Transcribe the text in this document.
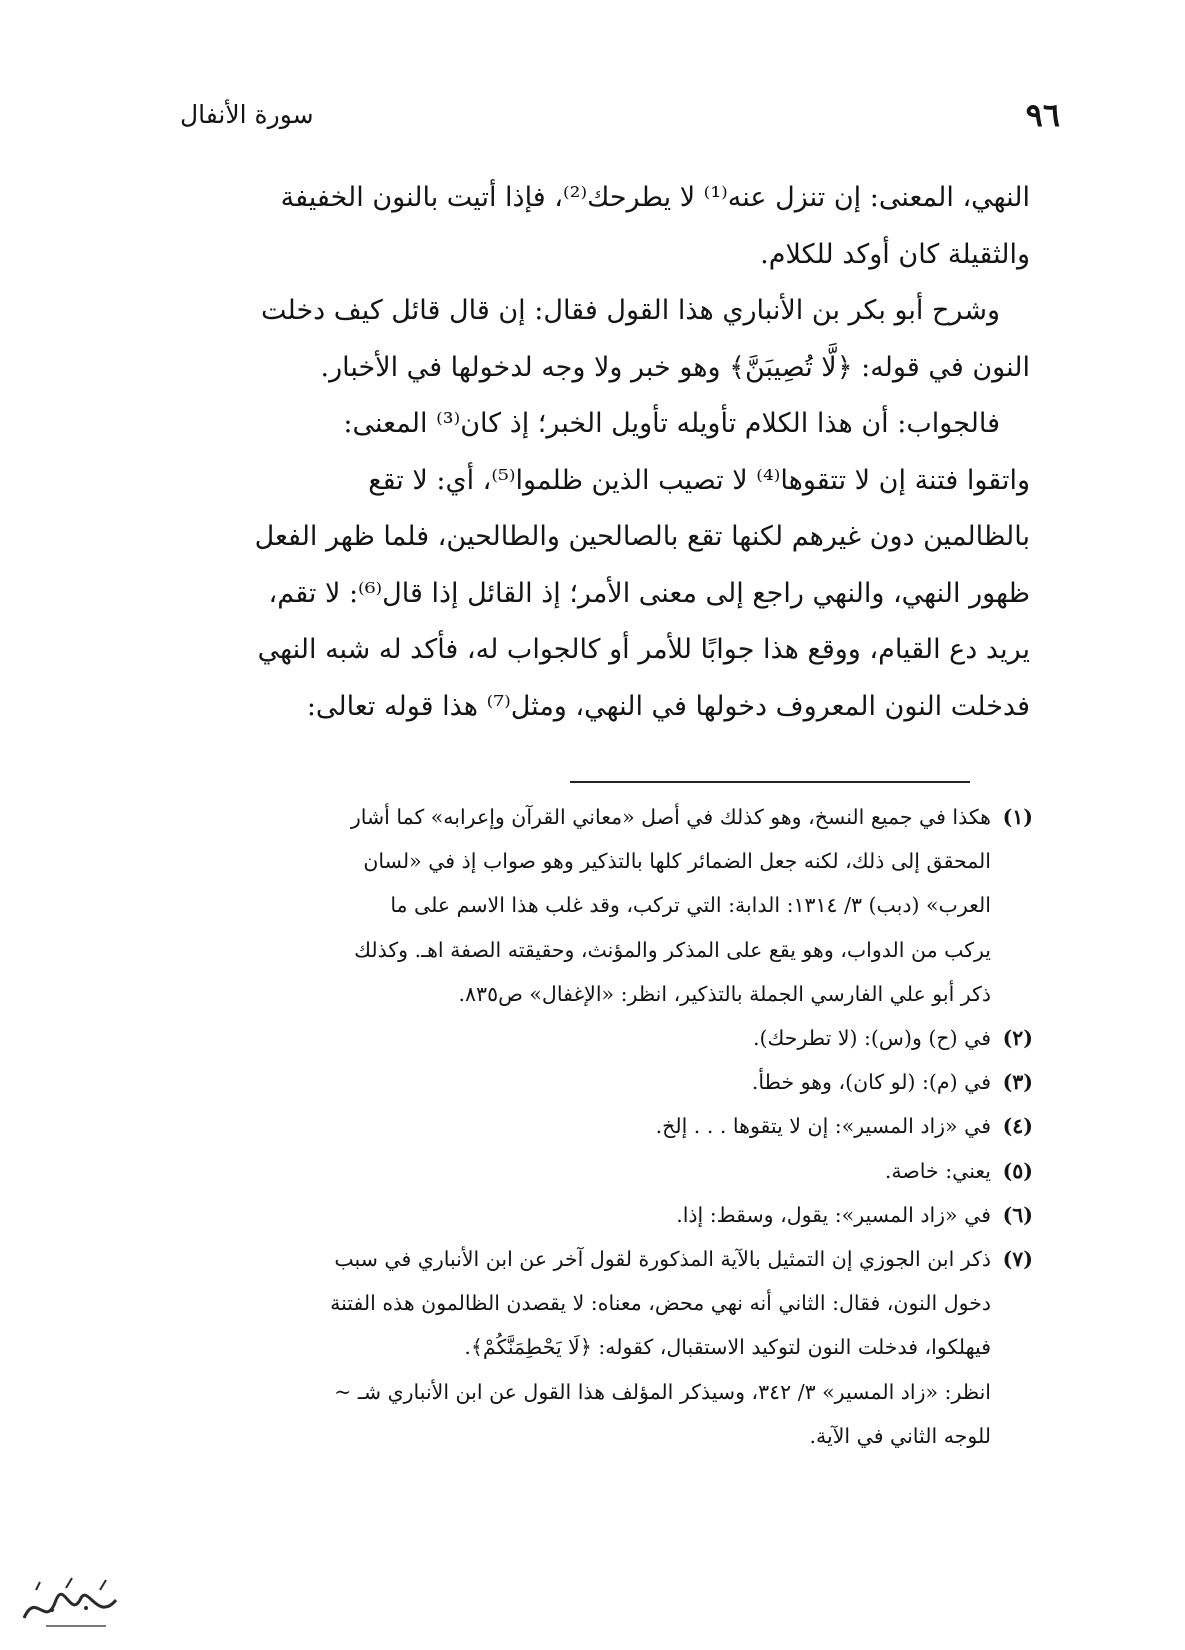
٩٦
سورة الأنفال

النهي، المعنى: إن تنزل عنه⁽¹⁾ لا يطرحك⁽²⁾، فإذا أتيت بالنون الخفيفة
والثقيلة كان أوكد للكلام.

وشرح أبو بكر بن الأنباري هذا القول فقال: إن قال قائل كيف دخلت
النون في قوله: ﴿لَّا تُصِيبَنَّ﴾ وهو خبر ولا وجه لدخولها في الأخبار.

فالجواب: أن هذا الكلام تأويله تأويل الخبر؛ إذ كان⁽³⁾ المعنى:
واتقوا فتنة إن لا تتقوها⁽⁴⁾ لا تصيب الذين ظلموا⁽⁵⁾، أي: لا تقع
بالظالمين دون غيرهم لكنها تقع بالصالحين والطالحين، فلما ظهر الفعل
ظهور النهي، والنهي راجع إلى معنى الأمر؛ إذ القائل إذا قال⁽⁶⁾: لا تقم،
يريد دع القيام، ووقع هذا جوابًا للأمر أو كالجواب له، فأكد له شبه النهي
فدخلت النون المعروف دخولها في النهي، ومثل⁽⁷⁾ هذا قوله تعالى:

(١)
هكذا في جميع النسخ، وهو كذلك في أصل «معاني القرآن وإعرابه» كما أشار
المحقق إلى ذلك، لكنه جعل الضمائر كلها بالتذكير وهو صواب إذ في «لسان
العرب» (دبب) ٣/ ١٣١٤: الدابة: التي تركب، وقد غلب هذا الاسم على ما
يركب من الدواب، وهو يقع على المذكر والمؤنث، وحقيقته الصفة اهـ. وكذلك
ذكر أبو علي الفارسي الجملة بالتذكير، انظر: «الإغفال» ص٨٣٥.
(٢)
في (ح) و(س): (لا تطرحك).
(٣)
في (م): (لو كان)، وهو خطأ.
(٤)
في «زاد المسير»: إن لا يتقوها . . . إلخ.
(٥)
يعني: خاصة.
(٦)
في «زاد المسير»: يقول، وسقط: إذا.
(٧)
ذكر ابن الجوزي إن التمثيل بالآية المذكورة لقول آخر عن ابن الأنباري في سبب
دخول النون، فقال: الثاني أنه نهي محض، معناه: لا يقصدن الظالمون هذه الفتنة
فيهلكوا، فدخلت النون لتوكيد الاستقبال، كقوله: ﴿لَا يَحْطِمَنَّكُمْ﴾.
انظر: «زاد المسير» ٣/ ٣٤٢، وسيذكر المؤلف هذا القول عن ابن الأنباري شـ ~
للوجه الثاني في الآية.
